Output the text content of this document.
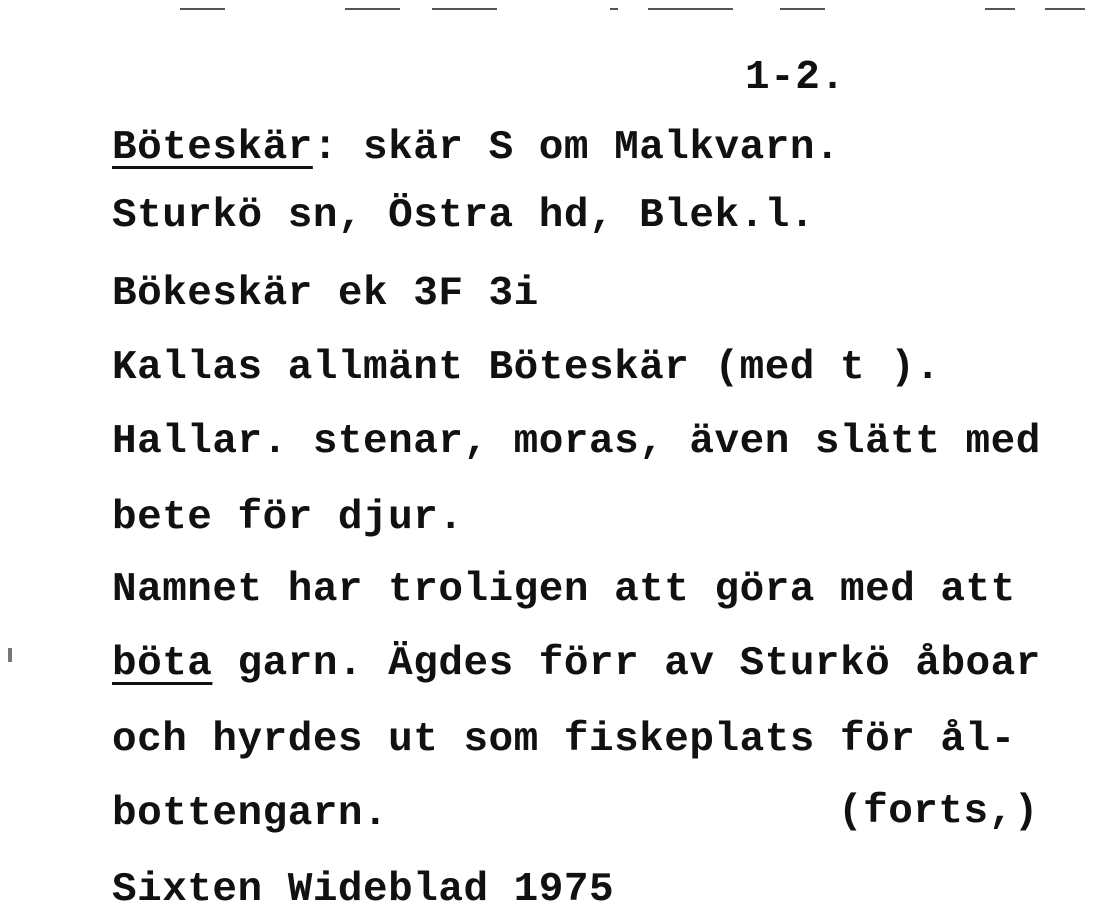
1-2.
Böteskär: skär S om Malkvarn.
Sturkö sn, Östra hd, Blek.l.
Bökeskär ek 3F 3i
Kallas allmänt Böteskär (med t ).
Hallar. stenar, moras, även slätt med
bete för djur.
Namnet har troligen att göra med att
böta garn. Ägdes förr av Sturkö åboar
och hyrdes ut som fiskeplats för ål-
bottengarn.	(forts,)
Sixten Wideblad 1975
